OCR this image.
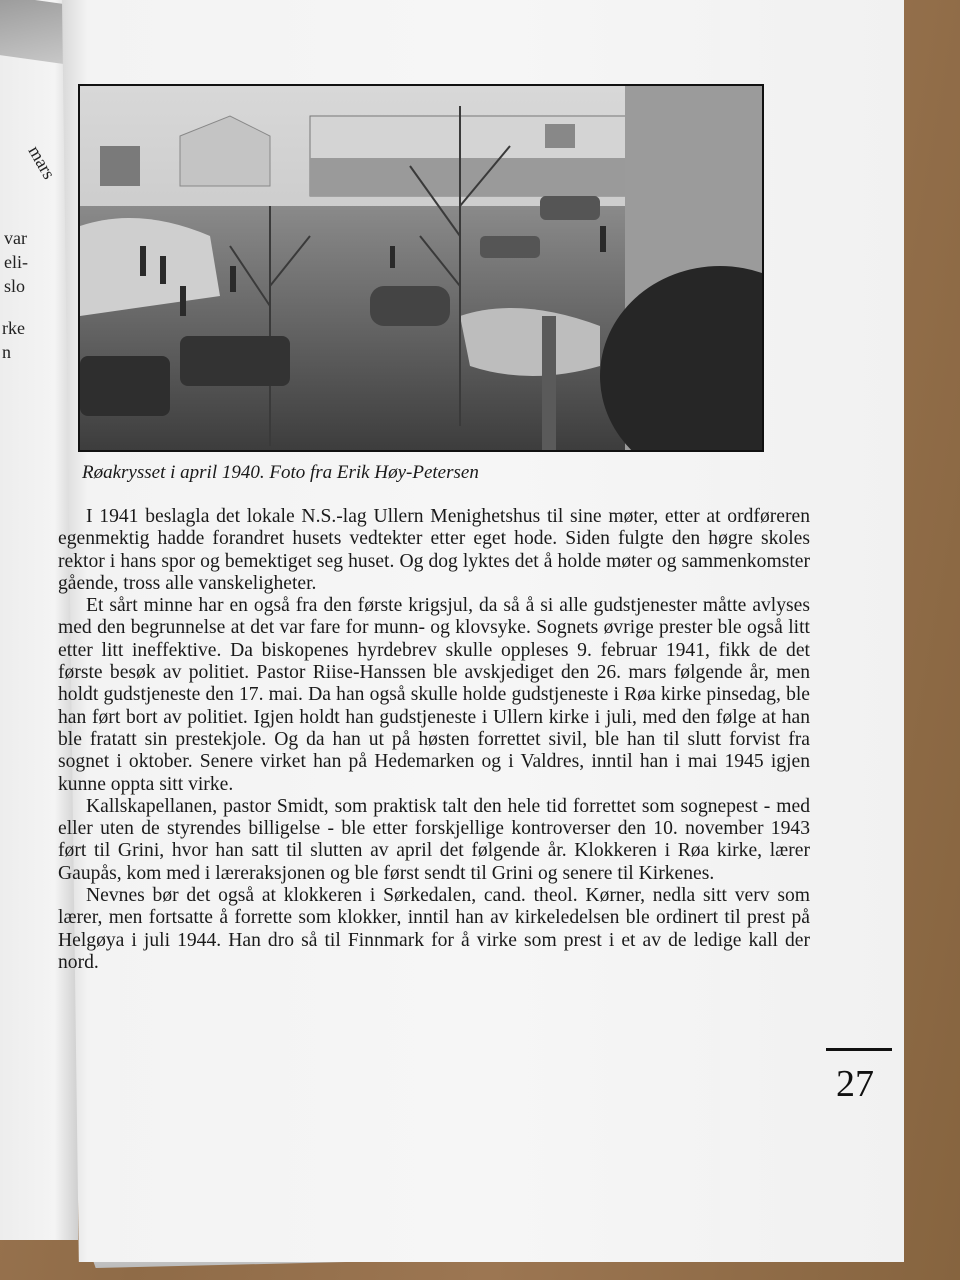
mars
var
eli-
slo
rke
n
Røakrysset i april 1940. Foto fra Erik Høy-Petersen

I 1941 beslagla det lokale N.S.-lag Ullern Menighetshus til sine møter, etter at ordføreren egenmektig hadde forandret husets vedtekter etter eget hode. Siden fulgte den høgre skoles rektor i hans spor og bemektiget seg huset. Og dog lyktes det å holde møter og sammenkomster gående, tross alle vanskeligheter.

Et sårt minne har en også fra den første krigsjul, da så å si alle gudstjenester måtte avlyses med den begrunnelse at det var fare for munn- og klovsyke. Sognets øvrige prester ble også litt etter litt ineffektive. Da biskopenes hyrdebrev skulle oppleses 9. februar 1941, fikk de det første besøk av politiet. Pastor Riise-Hanssen ble avskjediget den 26. mars følgende år, men holdt gudstjeneste den 17. mai. Da han også skulle holde gudstjeneste i Røa kirke pinsedag, ble han ført bort av politiet. Igjen holdt han gudstjeneste i Ullern kirke i juli, med den følge at han ble fratatt sin prestekjole. Og da han ut på høsten forrettet sivil, ble han til slutt forvist fra sognet i oktober. Senere virket han på Hedemarken og i Valdres, inntil han i mai 1945 igjen kunne oppta sitt virke.

Kallskapellanen, pastor Smidt, som praktisk talt den hele tid forrettet som sognepest - med eller uten de styrendes billigelse - ble etter forskjellige kontroverser den 10. november 1943 ført til Grini, hvor han satt til slutten av april det følgende år. Klokkeren i Røa kirke, lærer Gaupås, kom med i læreraksjonen og ble først sendt til Grini og senere til Kirkenes.

Nevnes bør det også at klokkeren i Sørkedalen, cand. theol. Kørner, nedla sitt verv som lærer, men fortsatte å forrette som klokker, inntil han av kirkeledelsen ble ordinert til prest på Helgøya i juli 1944. Han dro så til Finnmark for å virke som prest i et av de ledige kall der nord.

27
